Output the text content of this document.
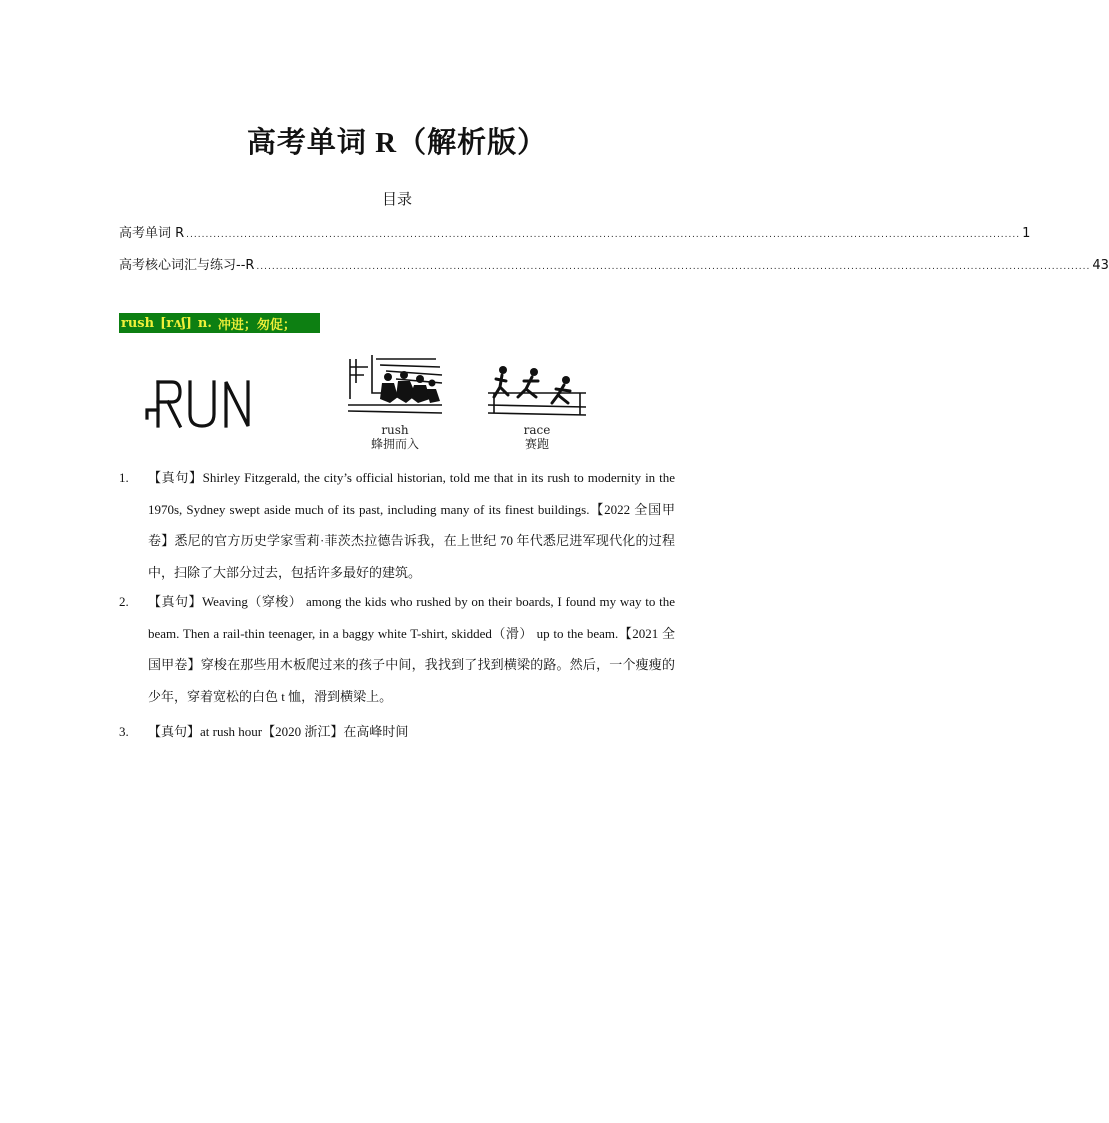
高考单词 R（解析版）
目录
高考单词 R ........................................................................................................................................................................................................................ 1
高考核心词汇与练习--R ........................................................................................................................................................................................................................ 43
rush [rʌʃ] n. 冲进；匆促；
rush
蜂拥而入
race
赛跑
1.	【真句】Shirley Fitzgerald, the city’s official historian, told me that in its rush to modernity in the 1970s, Sydney swept aside much of its past, including many of its finest buildings.【2022 全国甲卷】悉尼的官方历史学家雪莉·菲茨杰拉德告诉我，在上世纪 70 年代悉尼进军现代化的过程中，扫除了大部分过去，包括许多最好的建筑。
2.	【真句】Weaving（穿梭） among the kids who rushed by on their boards, I found my way to the beam. Then a rail-thin teenager, in a baggy white T-shirt, skidded（滑） up to the beam.【2021 全国甲卷】穿梭在那些用木板爬过来的孩子中间，我找到了找到横梁的路。然后，一个瘦瘦的少年，穿着宽松的白色 t 恤，滑到横梁上。
3.	【真句】at rush hour【2020 浙江】在高峰时间
